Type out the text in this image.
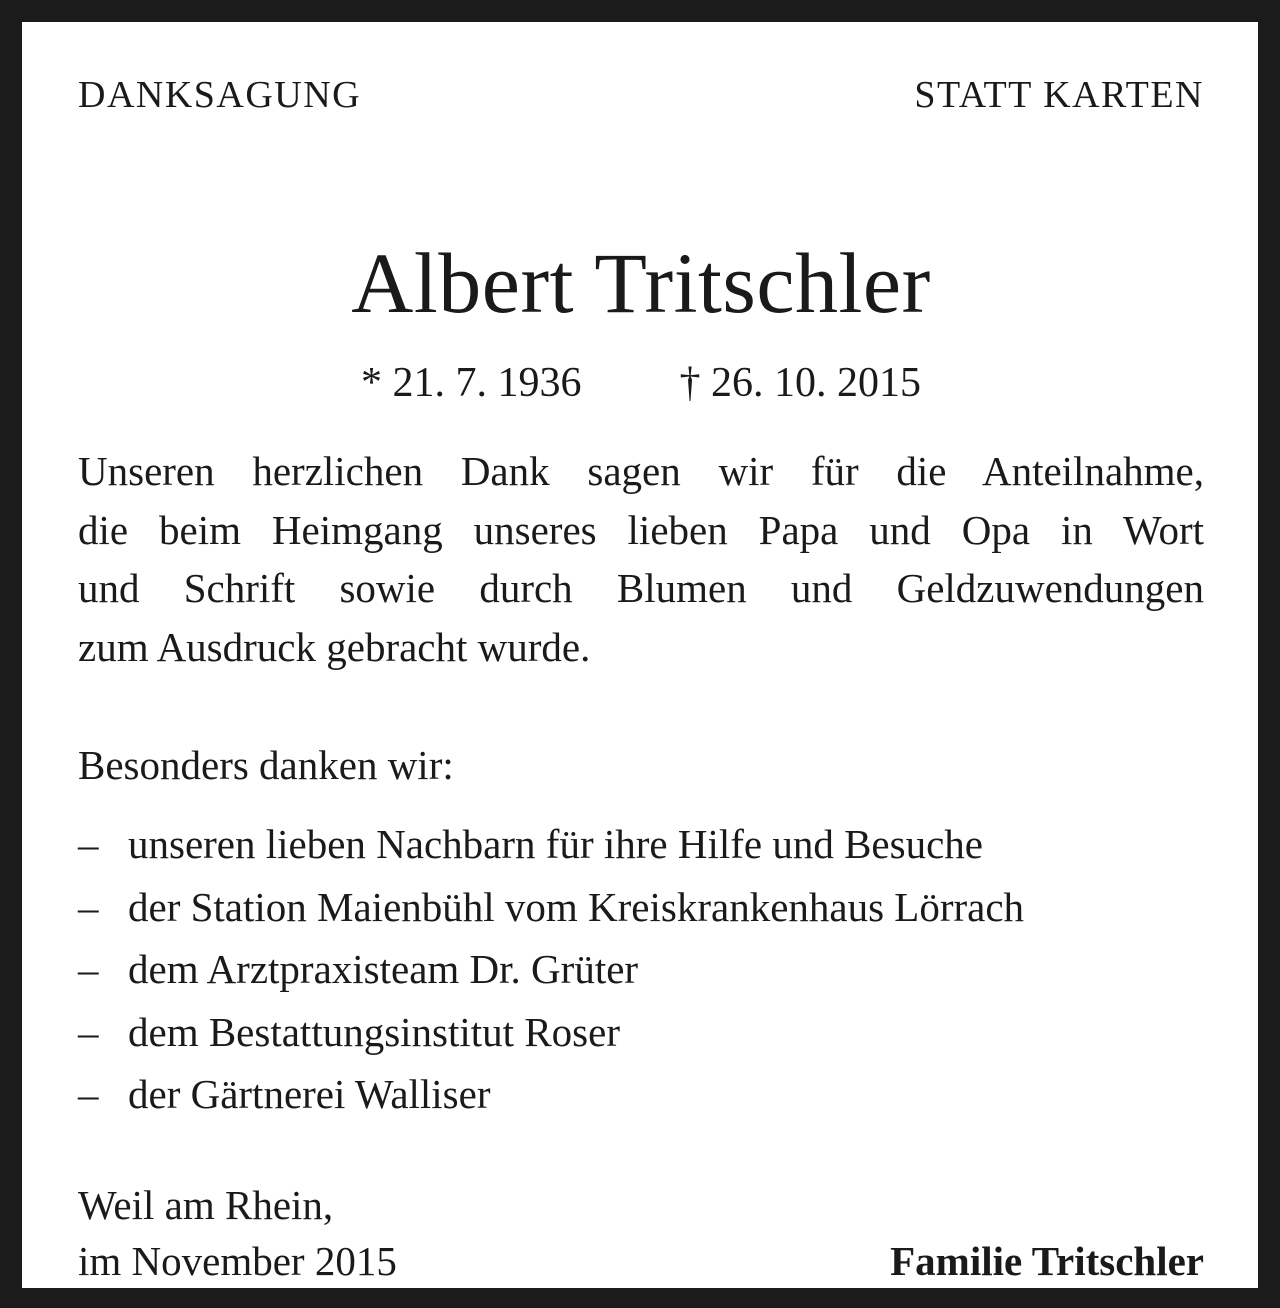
DANKSAGUNG	STATT KARTEN
Albert Tritschler
* 21. 7. 1936 † 26. 10. 2015
Unseren herzlichen Dank sagen wir für die Anteilnahme,
die beim Heimgang unseres lieben Papa und Opa in Wort
und Schrift sowie durch Blumen und Geldzuwendungen
zum Ausdruck gebracht wurde.
Besonders danken wir:
– unseren lieben Nachbarn für ihre Hilfe und Besuche
– der Station Maienbühl vom Kreiskrankenhaus Lörrach
– dem Arztpraxisteam Dr. Grüter
– dem Bestattungsinstitut Roser
– der Gärtnerei Walliser
Weil am Rhein,
im November 2015	Familie Tritschler
